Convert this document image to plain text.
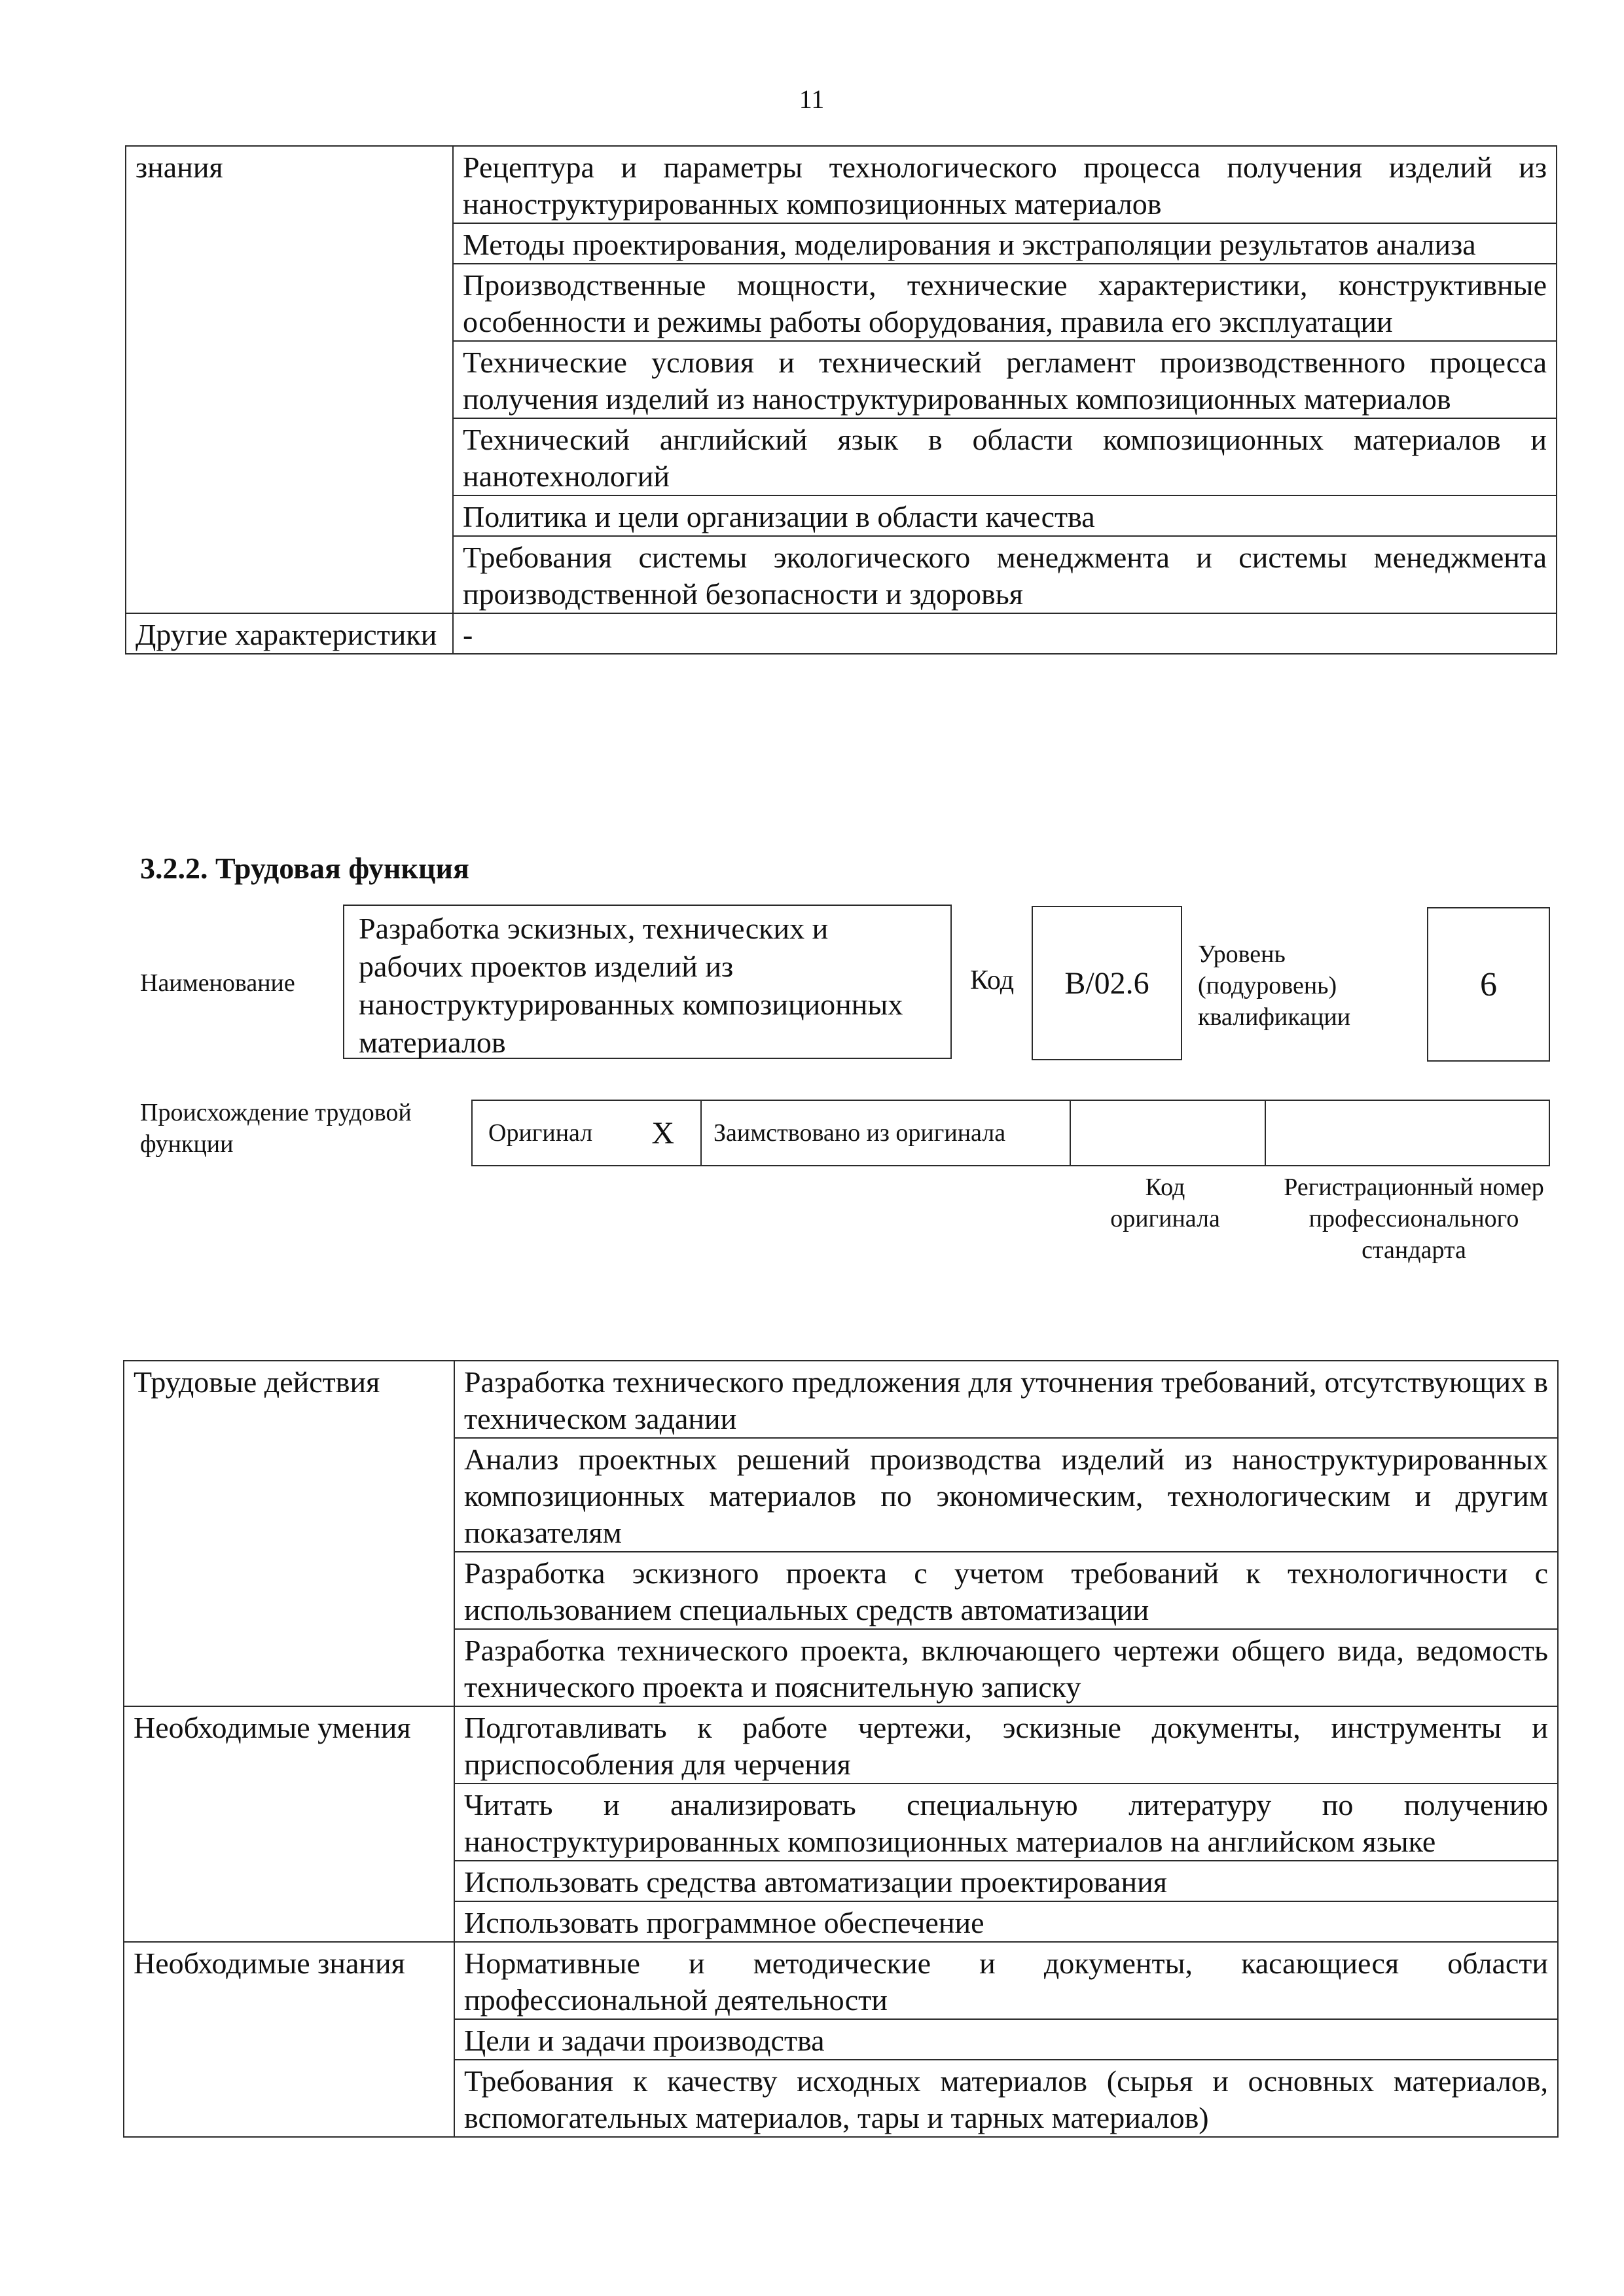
11
знания	Рецептура и параметры технологического процесса получения изделий из наноструктурированных композиционных материалов
	Методы проектирования, моделирования и экстраполяции результатов анализа
	Производственные мощности, технические характеристики, конструктивные особенности и режимы работы оборудования, правила его эксплуатации
	Технические условия и технический регламент производственного процесса получения изделий из наноструктурированных композиционных материалов
	Технический английский язык в области композиционных материалов и нанотехнологий
	Политика и цели организации в области качества
	Требования системы экологического менеджмента и системы менеджмента производственной безопасности и здоровья
Другие характеристики	-
3.2.2. Трудовая функция
Наименование
Разработка эскизных, технических и рабочих проектов изделий из наноструктурированных композиционных материалов
Код B/02.6
Уровень
(подуровень)
квалификации
6
Происхождение трудовой функции	Оригинал X Заимствовано из оригинала
Код оригинала
Регистрационный номер профессионального стандарта
Трудовые действия	Разработка технического предложения для уточнения требований, отсутствующих в техническом задании
	Анализ проектных решений производства изделий из наноструктурированных композиционных материалов по экономическим, технологическим и другим показателям
	Разработка эскизного проекта с учетом требований к технологичности с использованием специальных средств автоматизации
	Разработка технического проекта, включающего чертежи общего вида, ведомость технического проекта и пояснительную записку
Необходимые умения	Подготавливать к работе чертежи, эскизные документы, инструменты и приспособления для черчения
	Читать и анализировать специальную литературу по получению наноструктурированных композиционных материалов на английском языке
	Использовать средства автоматизации проектирования
	Использовать программное обеспечение
Необходимые знания	Нормативные и методические и документы, касающиеся области профессиональной деятельности
	Цели и задачи производства
	Требования к качеству исходных материалов (сырья и основных материалов, вспомогательных материалов, тары и тарных материалов)
